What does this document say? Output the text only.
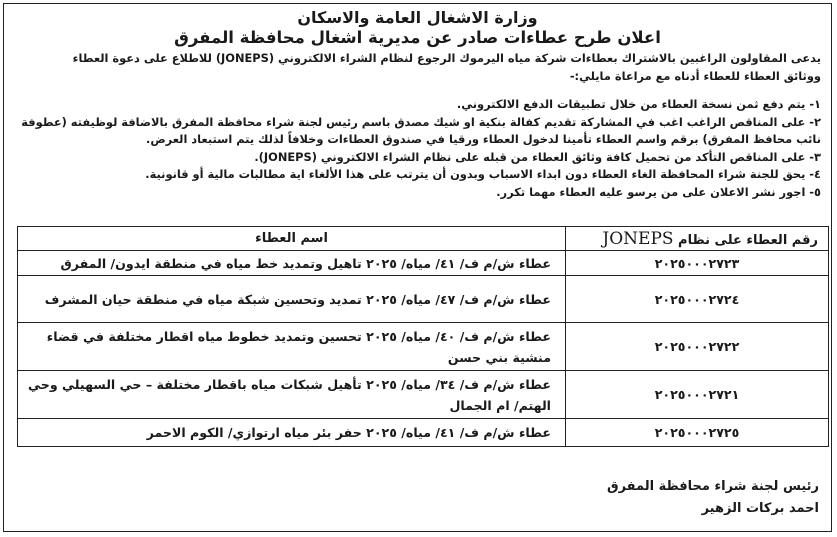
وزارة الاشغال العامة والاسكان
اعلان طرح عطاءات صادر عن مديرية اشغال محافظة المفرق

يدعى المقاولون الراغبين بالاشتراك بعطاءات شركة مياه اليرموك الرجوع لنظام الشراء الالكتروني (JONEPS) للاطلاع على دعوة العطاء

ووثائق العطاء للعطاء أدناه مع مراعاة مايلي:-

١- يتم دفع ثمن نسخة العطاء من خلال تطبيقات الدفع الالكتروني.

٢- على المناقص الراغب اغب في المشاركة تقديم كفالة بنكية او شيك مصدق باسم رئيس لجنة شراء محافظة المفرق بالاضافة لوظيفته (عطوفة

نائب محافظ المفرق) برقم واسم العطاء تأمينا لدخول العطاء ورقيا في صندوق العطاءات وخلافاً لذلك يتم استبعاد العرض.

٣- على المناقص التأكد من تحميل كافة وثائق العطاء من قبله على نظام الشراء الالكتروني (JONEPS).

٤- يحق للجنة شراء المحافظة الغاء العطاء دون ابداء الاسباب وبدون أن يترتب على هذا الألغاء اية مطالبات مالية أو قانونية.

٥- اجور نشر الاعلان على من يرسو عليه العطاء مهما تكرر.

رقم العطاء على نظام JONEPS	اسم العطاء
٢٠٢٥٠٠٠٢٧٢٣	عطاء ش/م ف/ ٤١/ مياه/ ٢٠٢٥ تاهيل وتمديد خط مياه في منطقة ايدون/ المفرق
٢٠٢٥٠٠٠٢٧٢٤	عطاء ش/م ف/ ٤٧/ مياه/ ٢٠٢٥ تمديد وتحسين شبكة مياه في منطقة حيان المشرف
٢٠٢٥٠٠٠٢٧٢٢	عطاء ش/م ف/ ٤٠/ مياه/ ٢٠٢٥ تحسين وتمديد خطوط مياه اقطار مختلفة في قضاء منشية بني حسن
٢٠٢٥٠٠٠٢٧٢١	عطاء ش/م ف/ ٣٤/ مياه/ ٢٠٢٥ تأهيل شبكات مياه باقطار مختلفة – حي السهيلي وحي الهتم/ ام الجمال
٢٠٢٥٠٠٠٢٧٢٥	عطاء ش/م ف/ ٤١/ مياه/ ٢٠٢٥ حفر بئر مياه ارتوازي/ الكوم الاحمر

رئيس لجنة شراء محافظة المفرق

احمد بركات الزهير
